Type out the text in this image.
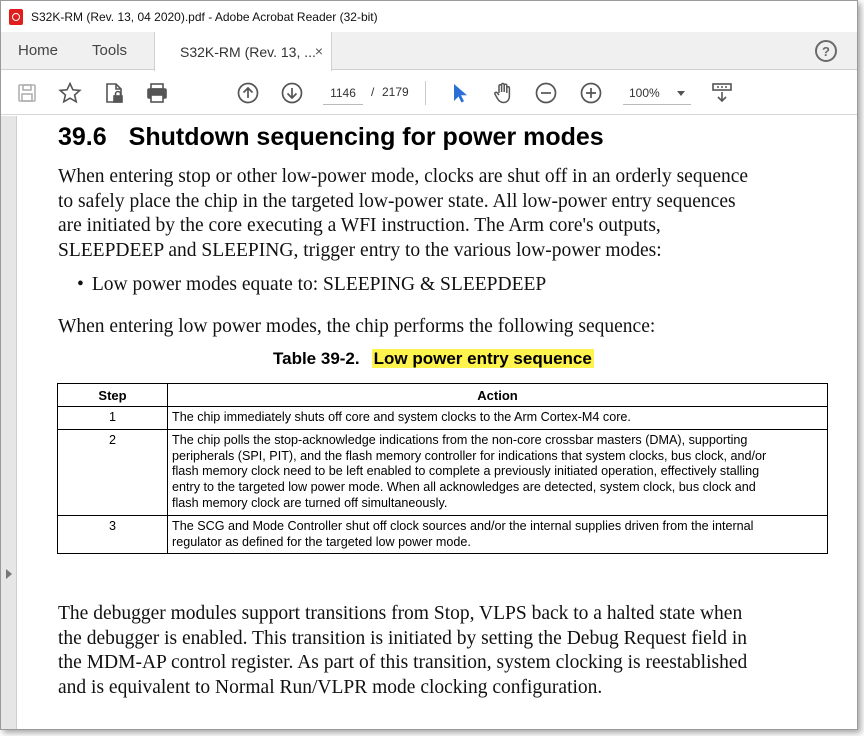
S32K-RM (Rev. 13, 04 2020).pdf - Adobe Acrobat Reader (32-bit)
Home	Tools	S32K-RM (Rev. 13, ...
×	?
1146
/ 2179	100%
39.6 Shutdown sequencing for power modes
When entering stop or other low-power mode, clocks are shut off in an orderly sequence
to safely place the chip in the targeted low-power state. All low-power entry sequences
are initiated by the core executing a WFI instruction. The Arm core's outputs,
SLEEPDEEP and SLEEPING, trigger entry to the various low-power modes:
• Low power modes equate to: SLEEPING & SLEEPDEEP
When entering low power modes, the chip performs the following sequence:
Table 39-2. Low power entry sequence
Step	Action
1	The chip immediately shuts off core and system clocks to the Arm Cortex-M4 core.

2	The chip polls the stop-acknowledge indications from the non-core crossbar masters (DMA), supporting
peripherals (SPI, PIT), and the flash memory controller for indications that system clocks, bus clock, and/or
flash memory clock need to be left enabled to complete a previously initiated operation, effectively stalling
entry to the targeted low power mode. When all acknowledges are detected, system clock, bus clock and
flash memory clock are turned off simultaneously.

3	The SCG and Mode Controller shut off clock sources and/or the internal supplies driven from the internal
regulator as defined for the targeted low power mode.
The debugger modules support transitions from Stop, VLPS back to a halted state when
the debugger is enabled. This transition is initiated by setting the Debug Request field in
the MDM-AP control register. As part of this transition, system clocking is reestablished
and is equivalent to Normal Run/VLPR mode clocking configuration.
